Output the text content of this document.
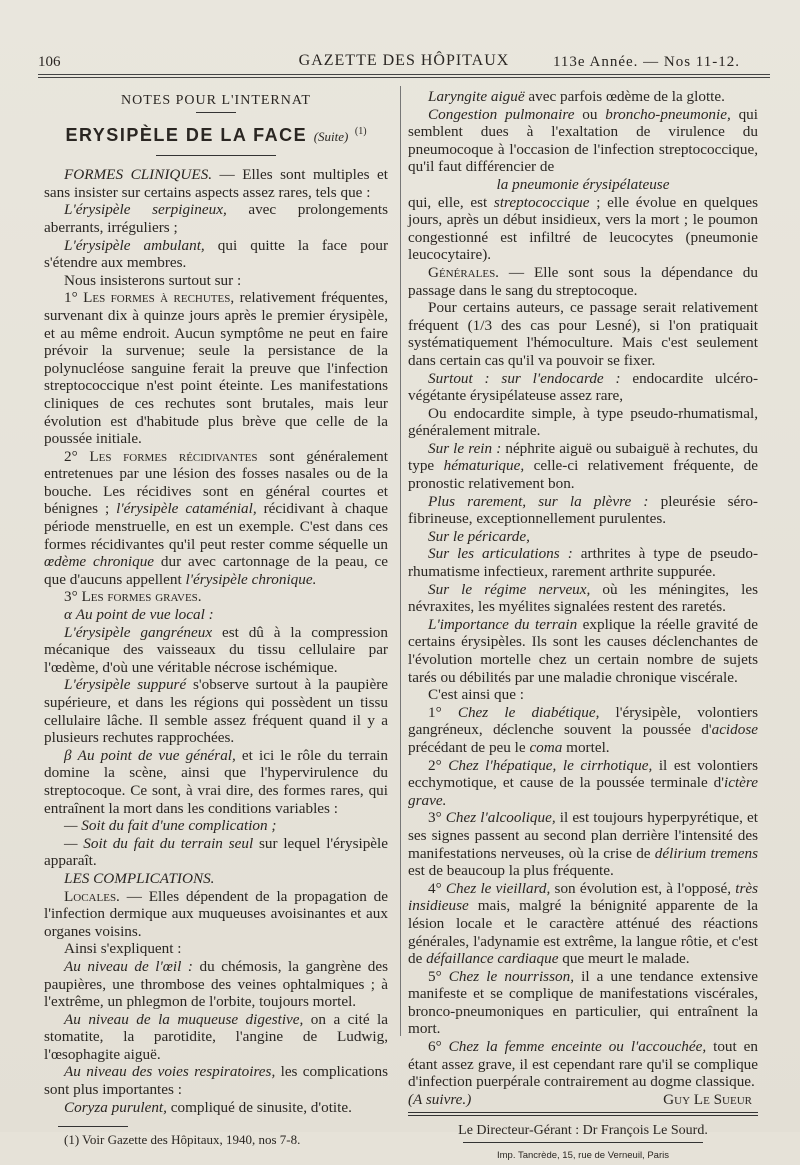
106	GAZETTE DES HÔPITAUX	113e Année. — Nos 11-12.
NOTES POUR L'INTERNAT
ERYSIPÈLE DE LA FACE (Suite) $^{(1)}$

FORMES CLINIQUES. — Elles sont multiples et sans insister sur certains aspects assez rares, tels que :

L'érysipèle serpigineux, avec prolongements aberrants, irréguliers ;

L'érysipèle ambulant, qui quitte la face pour s'étendre aux membres.

Nous insisterons surtout sur :

1° Les formes à rechutes, relativement fréquentes, survenant dix à quinze jours après le premier érysipèle, et au même endroit. Aucun symptôme ne peut en faire prévoir la survenue; seule la persistance de la polynucléose sanguine ferait la preuve que l'infection streptococcique n'est point éteinte. Les manifestations cliniques de ces rechutes sont brutales, mais leur évolution est d'habitude plus brève que celle de la poussée initiale.

2° Les formes récidivantes sont généralement entretenues par une lésion des fosses nasales ou de la bouche. Les récidives sont en général courtes et bénignes ; l'érysipèle cataménial, récidivant à chaque période menstruelle, en est un exemple. C'est dans ces formes récidivantes qu'il peut rester comme séquelle un œdème chronique dur avec cartonnage de la peau, ce que d'aucuns appellent l'érysipèle chronique.

3° Les formes graves.

α Au point de vue local :

L'érysipèle gangréneux est dû à la compression mécanique des vaisseaux du tissu cellulaire par l'œdème, d'où une véritable nécrose ischémique.

L'érysipèle suppuré s'observe surtout à la paupière supérieure, et dans les régions qui possèdent un tissu cellulaire lâche. Il semble assez fréquent quand il y a plusieurs rechutes rapprochées.

β Au point de vue général, et ici le rôle du terrain domine la scène, ainsi que l'hypervirulence du streptocoque. Ce sont, à vrai dire, des formes rares, qui entraînent la mort dans les conditions variables :

— Soit du fait d'une complication ;

— Soit du fait du terrain seul sur lequel l'érysipèle apparaît.

LES COMPLICATIONS.

Locales. — Elles dépendent de la propagation de l'infection dermique aux muqueuses avoisinantes et aux organes voisins.

Ainsi s'expliquent :

Au niveau de l'œil : du chémosis, la gangrène des paupières, une thrombose des veines ophtalmiques ; à l'extrême, un phlegmon de l'orbite, toujours mortel.

Au niveau de la muqueuse digestive, on a cité la stomatite, la parotidite, l'angine de Ludwig, l'œsophagite aiguë.

Au niveau des voies respiratoires, les complications sont plus importantes :

Coryza purulent, compliqué de sinusite, d'otite.

(1) Voir Gazette des Hôpitaux, 1940, nos 7-8.

Laryngite aiguë avec parfois œdème de la glotte.

Congestion pulmonaire ou broncho-pneumonie, qui semblent dues à l'exaltation de virulence du pneumocoque à l'occasion de l'infection streptococcique, qu'il faut différencier de

la pneumonie érysipélateuse

qui, elle, est streptococcique ; elle évolue en quelques jours, après un début insidieux, vers la mort ; le poumon congestionné est infiltré de leucocytes (pneumonie leucocytaire).

Générales. — Elle sont sous la dépendance du passage dans le sang du streptocoque.

Pour certains auteurs, ce passage serait relativement fréquent (1/3 des cas pour Lesné), si l'on pratiquait systématiquement l'hémoculture. Mais c'est seulement dans certain cas qu'il va pouvoir se fixer.

Surtout : sur l'endocarde : endocardite ulcéro-végétante érysipélateuse assez rare,

Ou endocardite simple, à type pseudo-rhumatismal, généralement mitrale.

Sur le rein : néphrite aiguë ou subaiguë à rechutes, du type hématurique, celle-ci relativement fréquente, de pronostic relativement bon.

Plus rarement, sur la plèvre : pleurésie séro-fibrineuse, exceptionnellement purulentes.

Sur le péricarde,

Sur les articulations : arthrites à type de pseudo-rhumatisme infectieux, rarement arthrite suppurée.

Sur le régime nerveux, où les méningites, les névraxites, les myélites signalées restent des raretés.

L'importance du terrain explique la réelle gravité de certains érysipèles. Ils sont les causes déclenchantes de l'évolution mortelle chez un certain nombre de sujets tarés ou débilités par une maladie chronique viscérale.

C'est ainsi que :

1° Chez le diabétique, l'érysipèle, volontiers gangréneux, déclenche souvent la poussée d'acidose précédant de peu le coma mortel.

2° Chez l'hépatique, le cirrhotique, il est volontiers ecchymotique, et cause de la poussée terminale d'ictère grave.

3° Chez l'alcoolique, il est toujours hyperpyrétique, et ses signes passent au second plan derrière l'intensité des manifestations nerveuses, où la crise de délirium tremens est de beaucoup la plus fréquente.

4° Chez le vieillard, son évolution est, à l'opposé, très insidieuse mais, malgré la bénignité apparente de la lésion locale et le caractère atténué des réactions générales, l'adynamie est extrême, la langue rôtie, et c'est de défaillance cardiaque que meurt le malade.

5° Chez le nourrisson, il a une tendance extensive manifeste et se complique de manifestations viscérales, bronco-pneumoniques en particulier, qui entraînent la mort.

6° Chez la femme enceinte ou l'accouchée, tout en étant assez grave, il est cependant rare qu'il se complique d'infection puerpérale contrairement au dogme classique.

(A suivre.)	Guy Le Sueur
Le Directeur-Gérant : Dr François Le Sourd.
Imp. Tancrède, 15, rue de Verneuil, Paris
